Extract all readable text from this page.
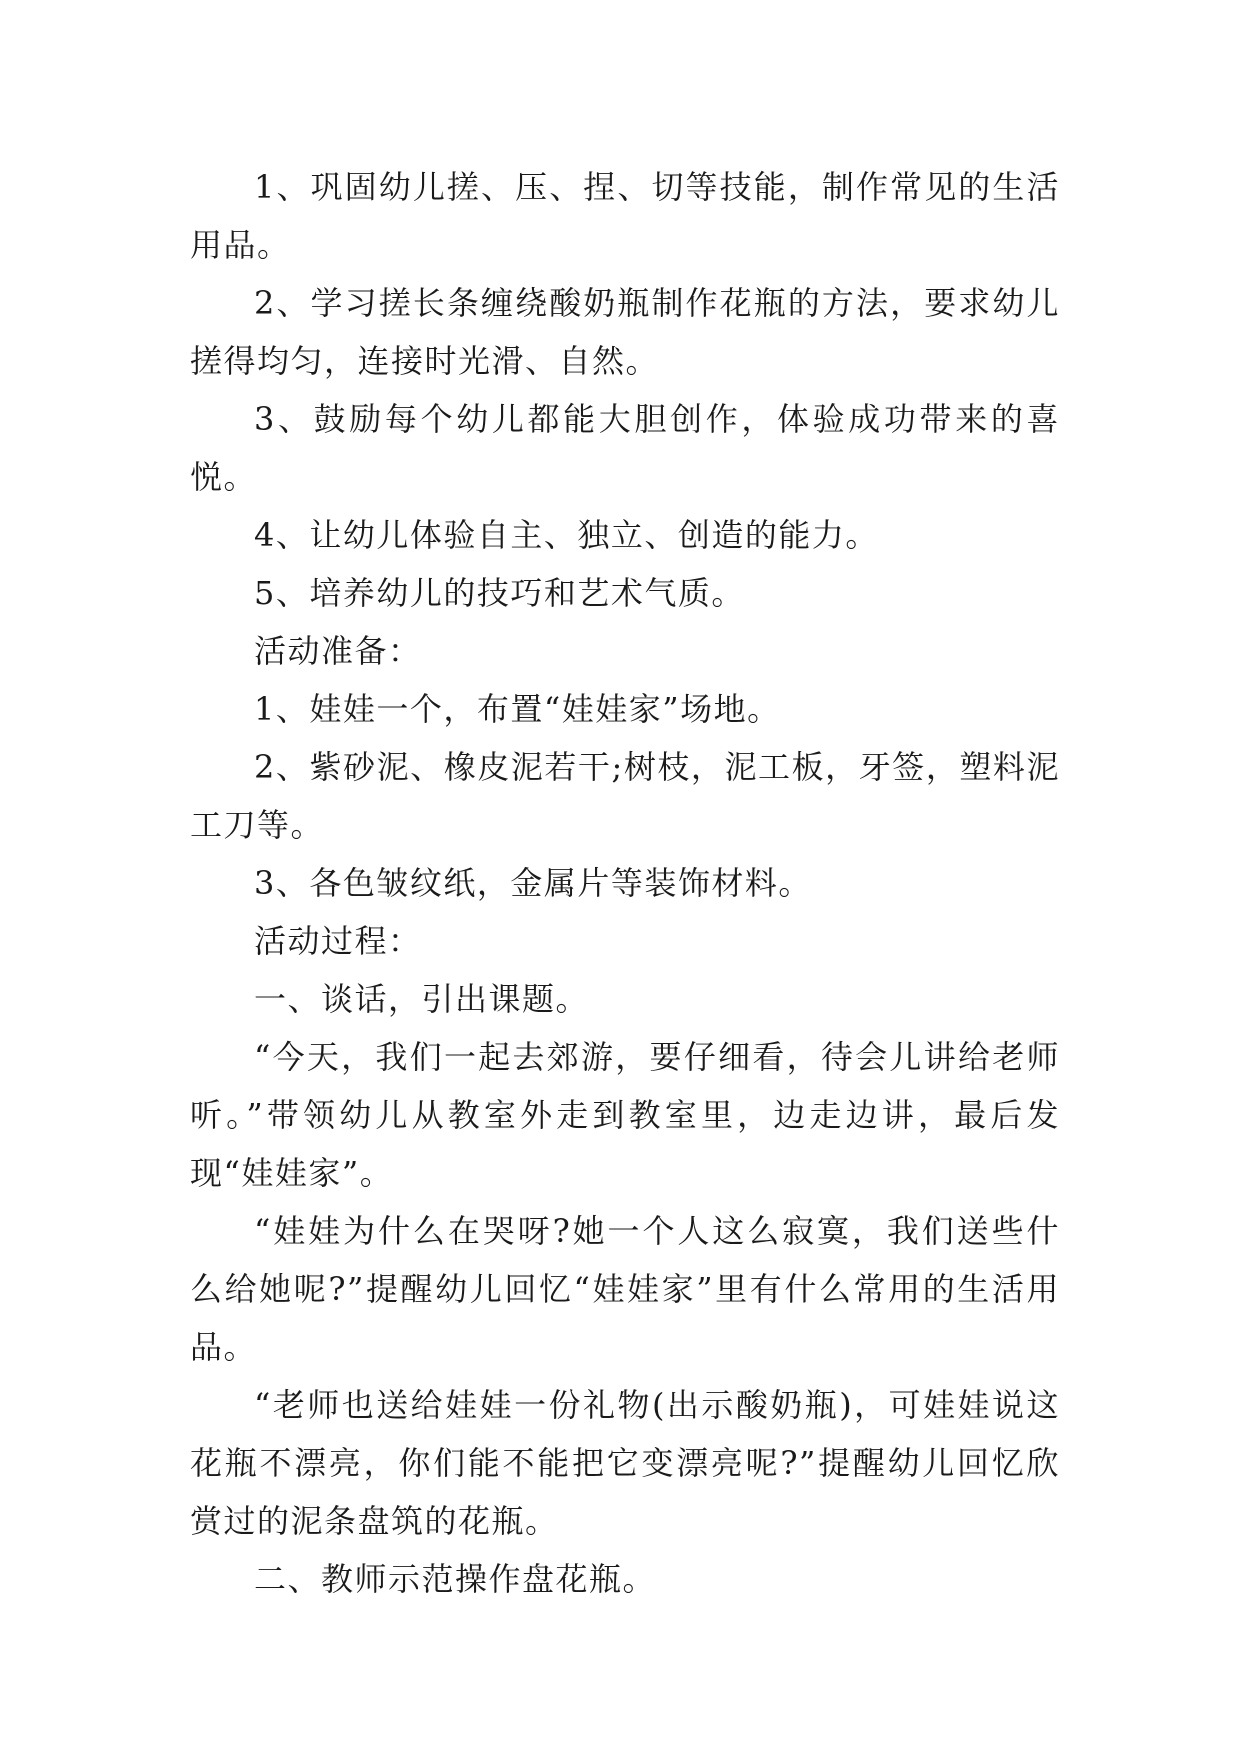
1、巩固幼儿搓、压、捏、切等技能，制作常见的生活用品。

2、学习搓长条缠绕酸奶瓶制作花瓶的方法，要求幼儿搓得均匀，连接时光滑、自然。

3、鼓励每个幼儿都能大胆创作，体验成功带来的喜悦。

4、让幼儿体验自主、独立、创造的能力。

5、培养幼儿的技巧和艺术气质。

活动准备：

1、娃娃一个，布置“娃娃家”场地。

2、紫砂泥、橡皮泥若干;树枝，泥工板，牙签，塑料泥工刀等。

3、各色皱纹纸，金属片等装饰材料。

活动过程：

一、谈话，引出课题。

“今天，我们一起去郊游，要仔细看，待会儿讲给老师听。”带领幼儿从教室外走到教室里，边走边讲，最后发现“娃娃家”。

“娃娃为什么在哭呀?她一个人这么寂寞，我们送些什么给她呢?”提醒幼儿回忆“娃娃家”里有什么常用的生活用品。

“老师也送给娃娃一份礼物(出示酸奶瓶)，可娃娃说这花瓶不漂亮，你们能不能把它变漂亮呢?”提醒幼儿回忆欣赏过的泥条盘筑的花瓶。

二、教师示范操作盘花瓶。
